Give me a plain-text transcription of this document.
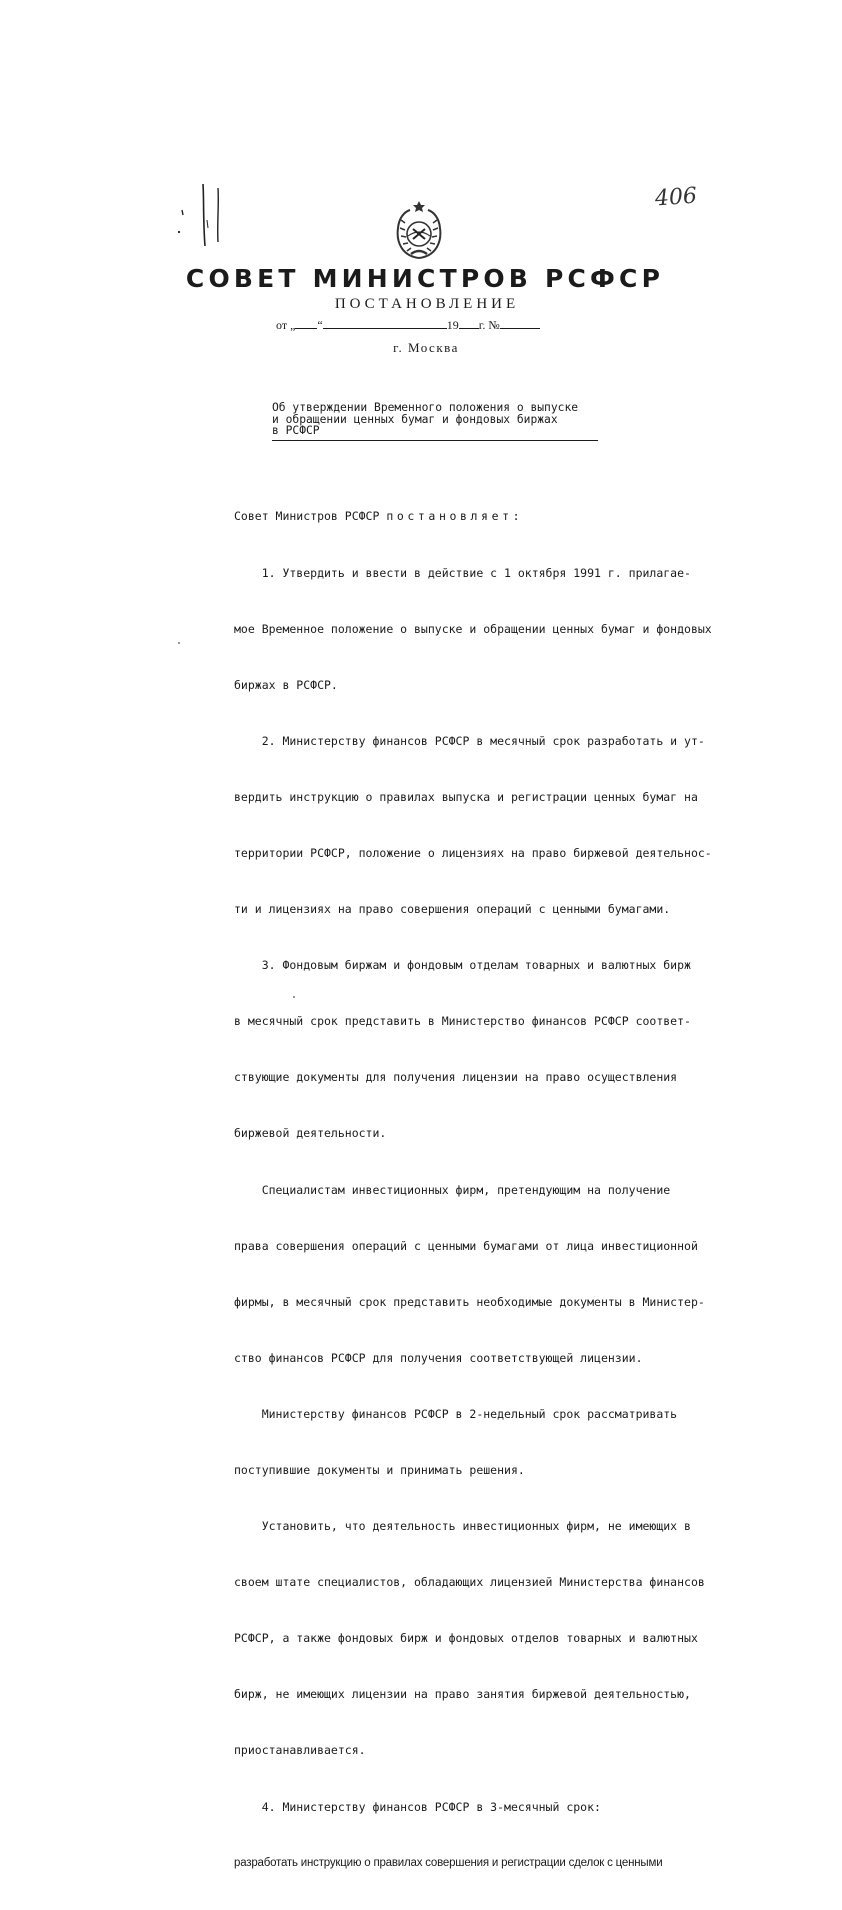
406
СОВЕТ МИНИСТРОВ РСФСР
ПОСТАНОВЛЕНИЕ
от „ “	19 г. №
г. Москва
Об утверждении Временного положения о выпуске
и обращении ценных бумаг и фондовых биржах
в РСФСР

Совет Министров РСФСР постановляет:

1. Утвердить и ввести в действие с 1 октября 1991 г. прилагае-

мое Временное положение о выпуске и обращении ценных бумаг и фондовых

биржах в РСФСР.

2. Министерству финансов РСФСР в месячный срок разработать и ут-

вердить инструкцию о правилах выпуска и регистрации ценных бумаг на

территории РСФСР, положение о лицензиях на право биржевой деятельнос-

ти и лицензиях на право совершения операций с ценными бумагами.

3. Фондовым биржам и фондовым отделам товарных и валютных бирж

в месячный срок представить в Министерство финансов РСФСР соответ-

ствующие документы для получения лицензии на право осуществления

биржевой деятельности.

Специалистам инвестиционных фирм, претендующим на получение

права совершения операций с ценными бумагами от лица инвестиционной

фирмы, в месячный срок представить необходимые документы в Министер-

ство финансов РСФСР для получения соответствующей лицензии.

Министерству финансов РСФСР в 2-недельный срок рассматривать

поступившие документы и принимать решения.

Установить, что деятельность инвестиционных фирм, не имеющих в

своем штате специалистов, обладающих лицензией Министерства финансов

РСФСР, а также фондовых бирж и фондовых отделов товарных и валютных

бирж, не имеющих лицензии на право занятия биржевой деятельностью,

приостанавливается.

4. Министерству финансов РСФСР в 3-месячный срок:

разработать инструкцию о правилах совершения и регистрации сделок с ценными
